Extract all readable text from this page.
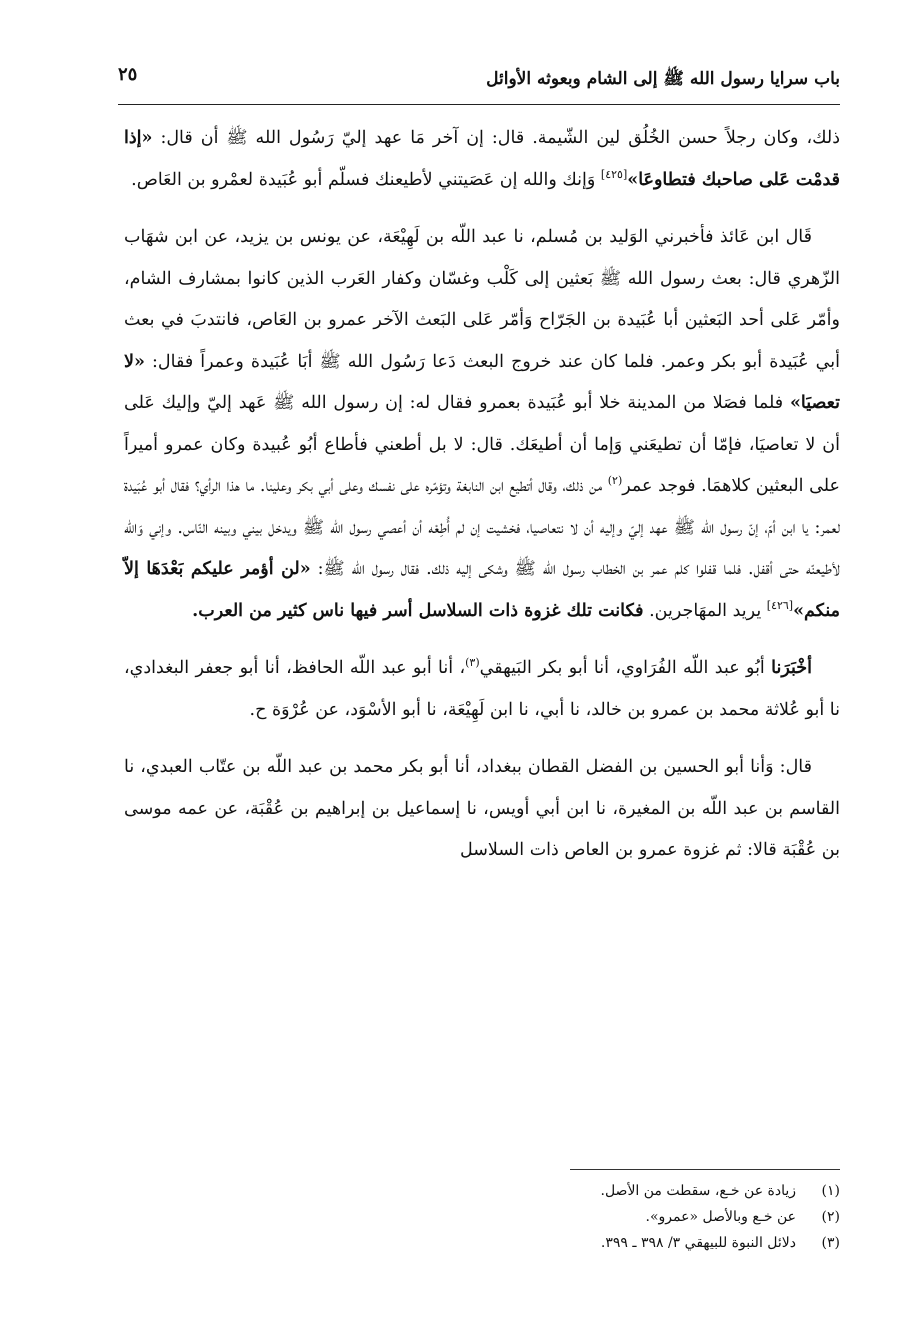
باب سرايا رسول الله ﷺ إلى الشام وبعوثه الأوائل
٢٥

ذلك، وكان رجلاً حسن الخُلُق لين الشّيمة. قال: إن آخر مَا عهد إليّ رَسُول الله ﷺ أن قال: «إذا قدمْت عَلى صاحبك فتطاوعَا»[٤٢٥] وَإنك والله إن عَصَيتني لأطيعنك فسلّم أبو عُبَيدة لعمْرو بن العَاص.

قَال ابن عَائذ فأخبرني الوَليد بن مُسلم، نا عبد اللّه بن لَهِيْعَة، عن يونس بن يزيد، عن ابن شهَاب الزّهري قال: بعث رسول الله ﷺ بَعثين إلى كَلْب وغسّان وكفار العَرب الذين كانوا بمشارف الشام، وأمّر عَلى أحد البَعثين أبا عُبَيدة بن الجَرّاح وَأمّر عَلى البَعث الآخر عمرو بن العَاص، فانتدبَ في بعث أبي عُبَيدة أبو بكر وعمر. فلما كان عند خروج البعث دَعا رَسُول الله ﷺ أبَا عُبَيدة وعمراً فقال: «لا تعصيَا» فلما فصَلا من المدينة خلا أبو عُبَيدة بعمرو فقال له: إن رسول الله ﷺ عَهد إليّ وإليك عَلى أن لا تعاصيَا، فإمّا أن تطيعَني وَإما أن أطيعَك. قال: لا بل أطعني فأطاع أبُو عُبيدة وكان عمرو أميراً على البعثين كلاهمَا. فوجد عمر$^{(٢)}$ من ذلك، وقال أتطيع ابن النابغة وتؤمّره على نفسك وعلى أبي بكر وعلينا. ما هذا الرأي؟ فقال أبو عُبَيدة لعمر: يا ابن أمّ، إنّ رسول الله ﷺ عهد إليّ وإليه أن لا نتعاصيا، فخشيت إن لم أُطِعْه أن أعصي رسول الله ﷺ ويدخل بيني وبينه النّاس. وإني وَالله لأطيعنّه حتى أقفل. فلما قفلوا كلم عمر بن الخطاب رسول الله ﷺ وشكى إليه ذلك. فقال رسول الله ﷺ: «لن أؤمر عليكم بَعْدَهَا إلاّ منكم»[٤٢٦] يريد المهَاجرين. فكانت تلك غزوة ذات السلاسل أسر فيها ناس كثير من العرب.

أخْبَرَنا أبُو عبد اللّه الفُرَاوي، أنا أبو بكر البَيهقي$^{(٣)}$، أنا أبو عبد اللّه الحافظ، أنا أبو جعفر البغدادي، نا أبو عُلاثة محمد بن عمرو بن خالد، نا أبي، نا ابن لَهِيْعَة، نا أبو الأسْوَد، عن عُرْوَة ح.

قال: وَأنا أبو الحسين بن الفضل القطان ببغداد، أنا أبو بكر محمد بن عبد اللّه بن عتّاب العبدي، نا القاسم بن عبد اللّه بن المغيرة، نا ابن أبي أويس، نا إسماعيل بن إبراهيم بن عُقْبَة، عن عمه موسى بن عُقْبَة قالا: ثم غزوة عمرو بن العاص ذات السلاسل

(١)زيادة عن خـع، سقطت من الأصل.
(٢)عن خـع وبالأصل «عمرو».
(٣)دلائل النبوة للبيهقي ٣/ ٣٩٨ ـ ٣٩٩.
